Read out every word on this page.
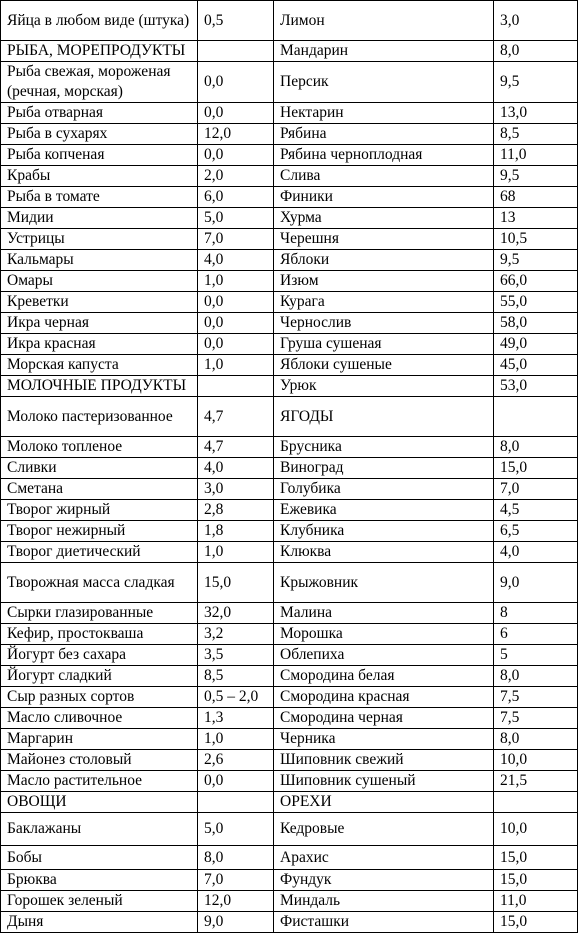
Яйца в любом виде (штука)	0,5	Лимон	3,0
РЫБА, МОРЕПРОДУКТЫ		Мандарин	8,0
Рыба свежая, мороженая (речная, морская)	0,0	Персик	9,5
Рыба отварная	0,0	Нектарин	13,0
Рыба в сухарях	12,0	Рябина	8,5
Рыба копченая	0,0	Рябина черноплодная	11,0
Крабы	2,0	Слива	9,5
Рыба в томате	6,0	Финики	68
Мидии	5,0	Хурма	13
Устрицы	7,0	Черешня	10,5
Кальмары	4,0	Яблоки	9,5
Омары	1,0	Изюм	66,0
Креветки	0,0	Курага	55,0
Икра черная	0,0	Чернослив	58,0
Икра красная	0,0	Груша сушеная	49,0
Морская капуста	1,0	Яблоки сушеные	45,0
МОЛОЧНЫЕ ПРОДУКТЫ		Урюк	53,0
Молоко пастеризованное	4,7	ЯГОДЫ	
Молоко топленое	4,7	Брусника	8,0
Сливки	4,0	Виноград	15,0
Сметана	3,0	Голубика	7,0
Творог жирный	2,8	Ежевика	4,5
Творог нежирный	1,8	Клубника	6,5
Творог диетический	1,0	Клюква	4,0
Творожная масса сладкая	15,0	Крыжовник	9,0
Сырки глазированные	32,0	Малина	8
Кефир, простокваша	3,2	Морошка	6
Йогурт без сахара	3,5	Облепиха	5
Йогурт сладкий	8,5	Смородина белая	8,0
Сыр разных сортов	0,5 – 2,0	Смородина красная	7,5
Масло сливочное	1,3	Смородина черная	7,5
Маргарин	1,0	Черника	8,0
Майонез столовый	2,6	Шиповник свежий	10,0
Масло растительное	0,0	Шиповник сушеный	21,5
ОВОЩИ		ОРЕХИ	
Баклажаны	5,0	Кедровые	10,0
Бобы	8,0	Арахис	15,0
Брюква	7,0	Фундук	15,0
Горошек зеленый	12,0	Миндаль	11,0
Дыня	9,0	Фисташки	15,0
